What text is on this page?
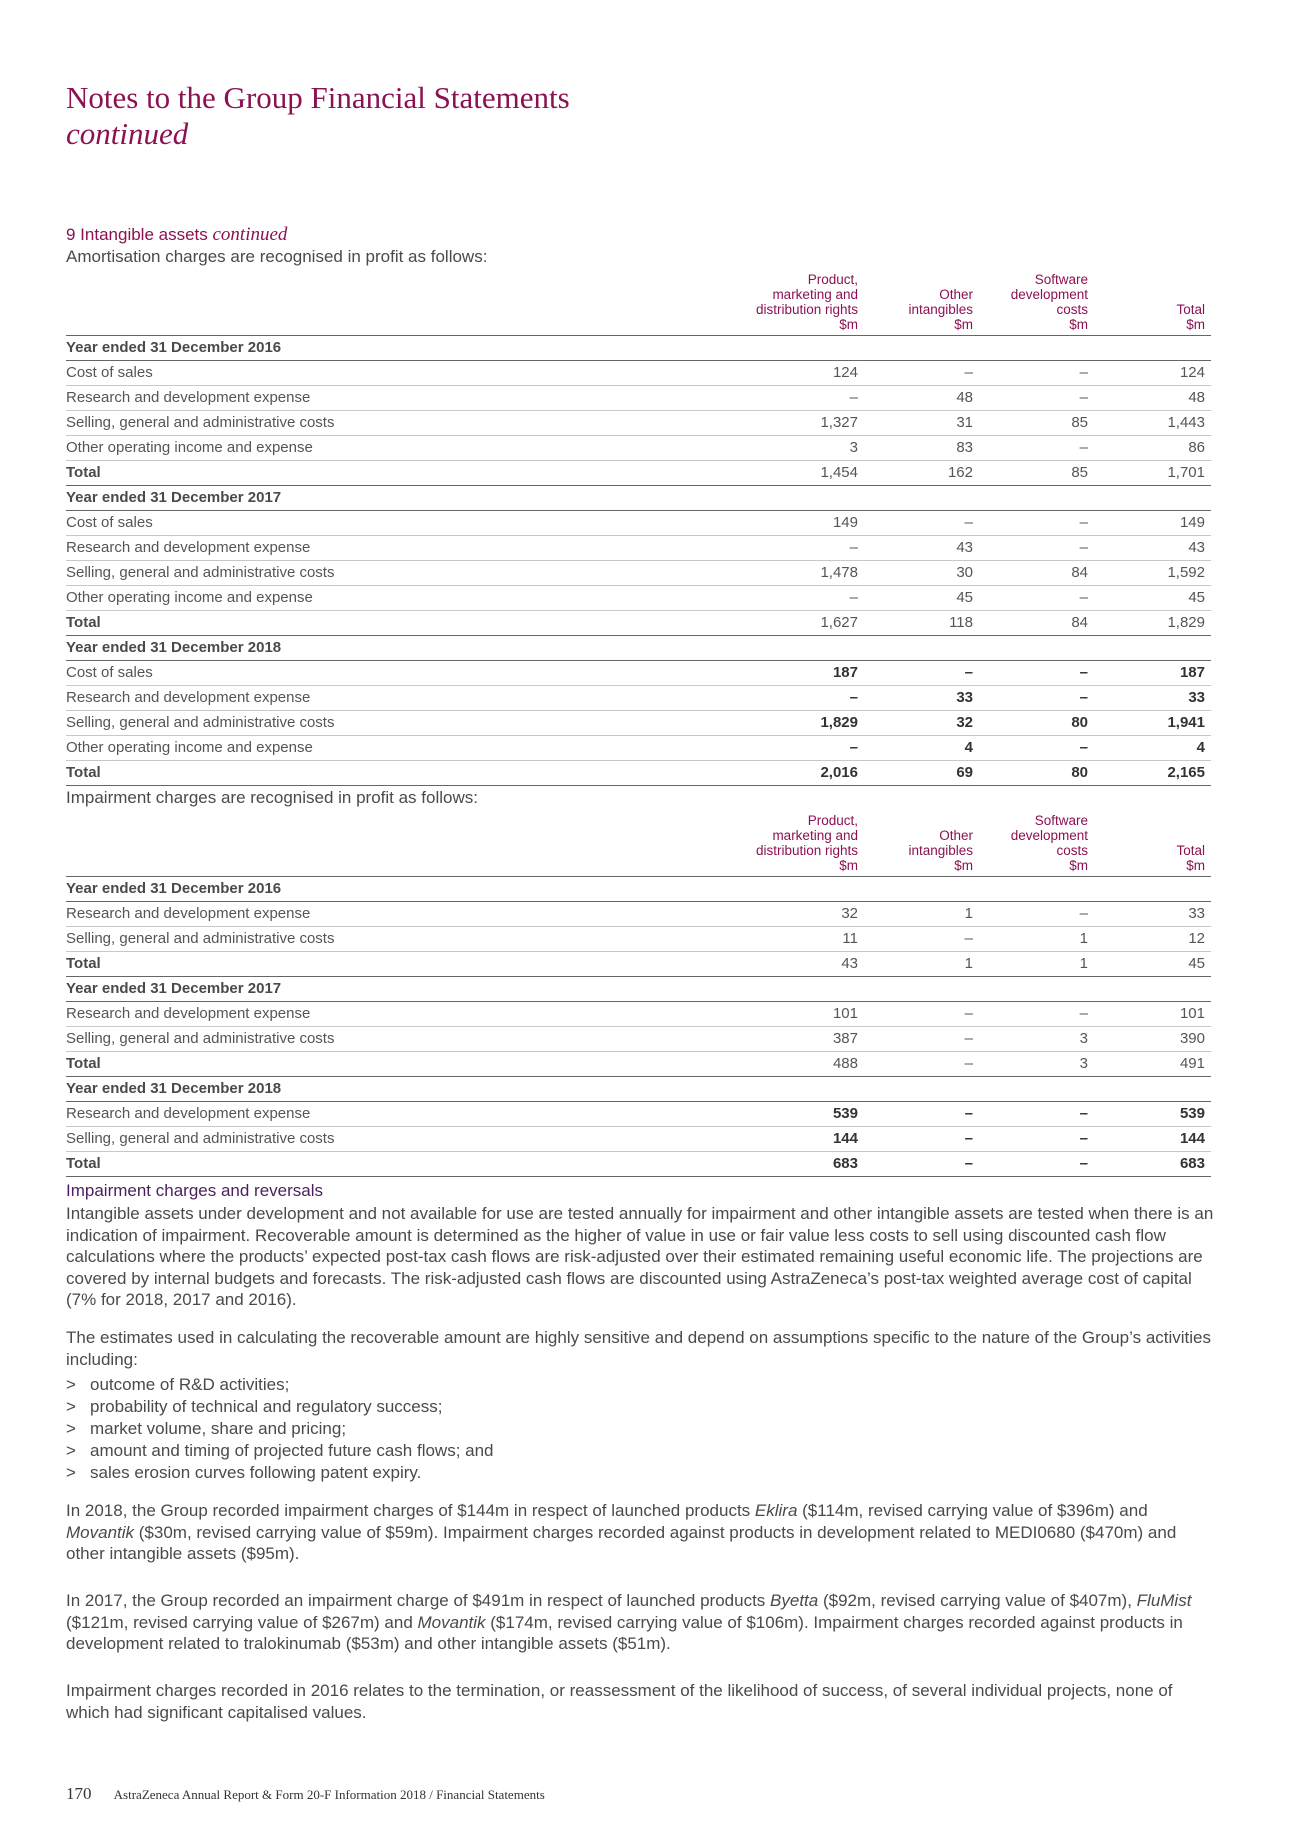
Notes to the Group Financial Statements
continued
9 Intangible assets continued
Amortisation charges are recognised in profit as follows:
	Product,
marketing and
distribution rights
$m	Other
intangibles
$m	Software
development
costs
$m	Total
$m
Year ended 31 December 2016				
Cost of sales	124	–	–	124
Research and development expense	–	48	–	48
Selling, general and administrative costs	1,327	31	85	1,443
Other operating income and expense	3	83	–	86
Total	1,454	162	85	1,701
Year ended 31 December 2017				
Cost of sales	149	–	–	149
Research and development expense	–	43	–	43
Selling, general and administrative costs	1,478	30	84	1,592
Other operating income and expense	–	45	–	45
Total	1,627	118	84	1,829
Year ended 31 December 2018				
Cost of sales	187	–	–	187
Research and development expense	–	33	–	33
Selling, general and administrative costs	1,829	32	80	1,941
Other operating income and expense	–	4	–	4
Total	2,016	69	80	2,165
Impairment charges are recognised in profit as follows:
	Product,
marketing and
distribution rights
$m	Other
intangibles
$m	Software
development
costs
$m	Total
$m
Year ended 31 December 2016				
Research and development expense	32	1	–	33
Selling, general and administrative costs	11	–	1	12
Total	43	1	1	45
Year ended 31 December 2017				
Research and development expense	101	–	–	101
Selling, general and administrative costs	387	–	3	390
Total	488	–	3	491
Year ended 31 December 2018				
Research and development expense	539	–	–	539
Selling, general and administrative costs	144	–	–	144
Total	683	–	–	683
Impairment charges and reversals

Intangible assets under development and not available for use are tested annually for impairment and other intangible assets are tested when there is an indication of impairment. Recoverable amount is determined as the higher of value in use or fair value less costs to sell using discounted cash flow calculations where the products’ expected post-tax cash flows are risk-adjusted over their estimated remaining useful economic life. The projections are covered by internal budgets and forecasts. The risk-adjusted cash flows are discounted using AstraZeneca’s post-tax weighted average cost of capital (7% for 2018, 2017 and 2016).

The estimates used in calculating the recoverable amount are highly sensitive and depend on assumptions specific to the nature of the Group’s activities including:

> outcome of R&D activities;
> probability of technical and regulatory success;
> market volume, share and pricing;
> amount and timing of projected future cash flows; and
> sales erosion curves following patent expiry.

In 2018, the Group recorded impairment charges of $144m in respect of launched products Eklira ($114m, revised carrying value of $396m) and Movantik ($30m, revised carrying value of $59m). Impairment charges recorded against products in development related to MEDI0680 ($470m) and other intangible assets ($95m).

In 2017, the Group recorded an impairment charge of $491m in respect of launched products Byetta ($92m, revised carrying value of $407m), FluMist ($121m, revised carrying value of $267m) and Movantik ($174m, revised carrying value of $106m). Impairment charges recorded against products in development related to tralokinumab ($53m) and other intangible assets ($51m).

Impairment charges recorded in 2016 relates to the termination, or reassessment of the likelihood of success, of several individual projects, none of which had significant capitalised values.

170 AstraZeneca Annual Report & Form 20-F Information 2018 / Financial Statements
